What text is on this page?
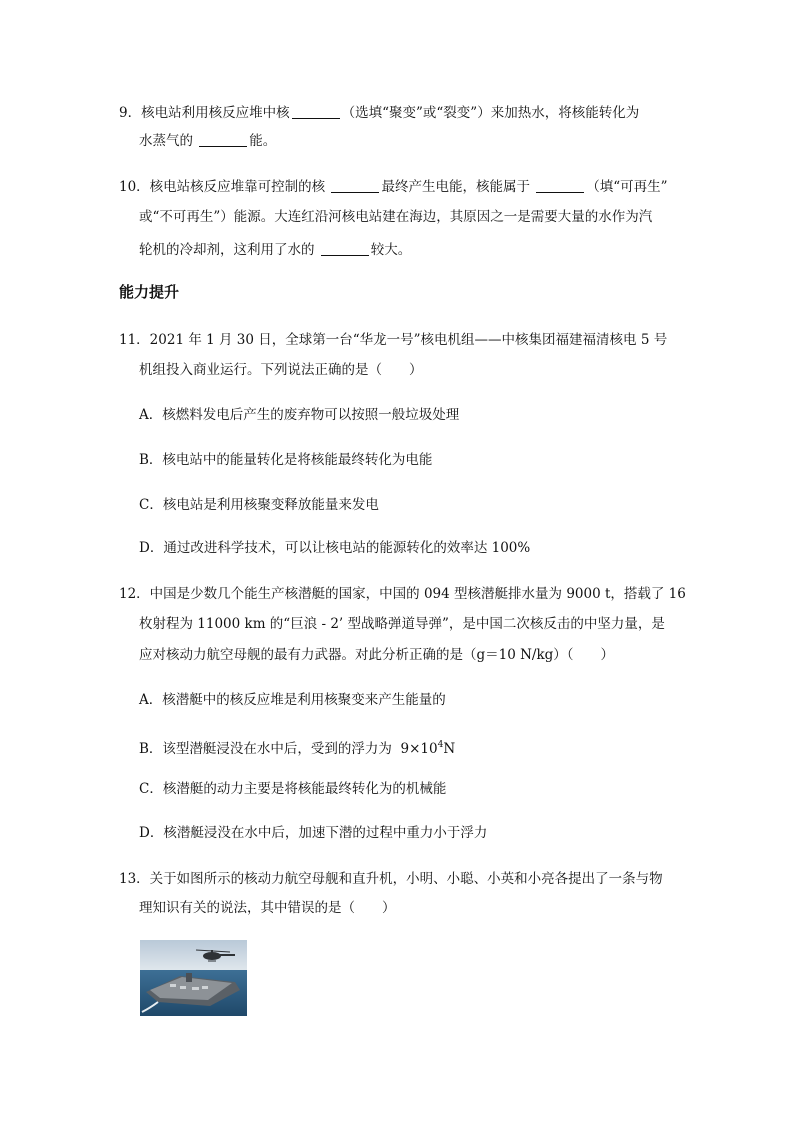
9．核电站利用核反应堆中核	（选填“聚变”或“裂变”）来加热水，将核能转化为
水蒸气的	能。
10．核电站核反应堆靠可控制的核	最终产生电能，核能属于	（填“可再生”
或“不可再生”）能源。大连红沿河核电站建在海边，其原因之一是需要大量的水作为汽
轮机的冷却剂，这利用了水的	较大。
能力提升
11．2021 年 1 月 30 日，全球第一台“华龙一号”核电机组——中核集团福建福清核电 5 号
机组投入商业运行。下列说法正确的是（　　）
A．核燃料发电后产生的废弃物可以按照一般垃圾处理
B．核电站中的能量转化是将核能最终转化为电能
C．核电站是利用核聚变释放能量来发电
D．通过改进科学技术，可以让核电站的能源转化的效率达 100%
12．中国是少数几个能生产核潜艇的国家，中国的 094 型核潜艇排水量为 9000 t，搭载了 16
枚射程为 11000 km 的“巨浪 - 2’ 型战略弹道导弹”，是中国二次核反击的中坚力量，是
应对核动力航空母舰的最有力武器。对此分析正确的是（g＝10 N/kg）（　　）
A．核潜艇中的核反应堆是利用核聚变来产生能量的
B．该型潜艇浸没在水中后，受到的浮力为 $9\times 10^4N$
C．核潜艇的动力主要是将核能最终转化为的机械能
D．核潜艇浸没在水中后，加速下潜的过程中重力小于浮力
13．关于如图所示的核动力航空母舰和直升机，小明、小聪、小英和小亮各提出了一条与物
理知识有关的说法，其中错误的是（　　）
